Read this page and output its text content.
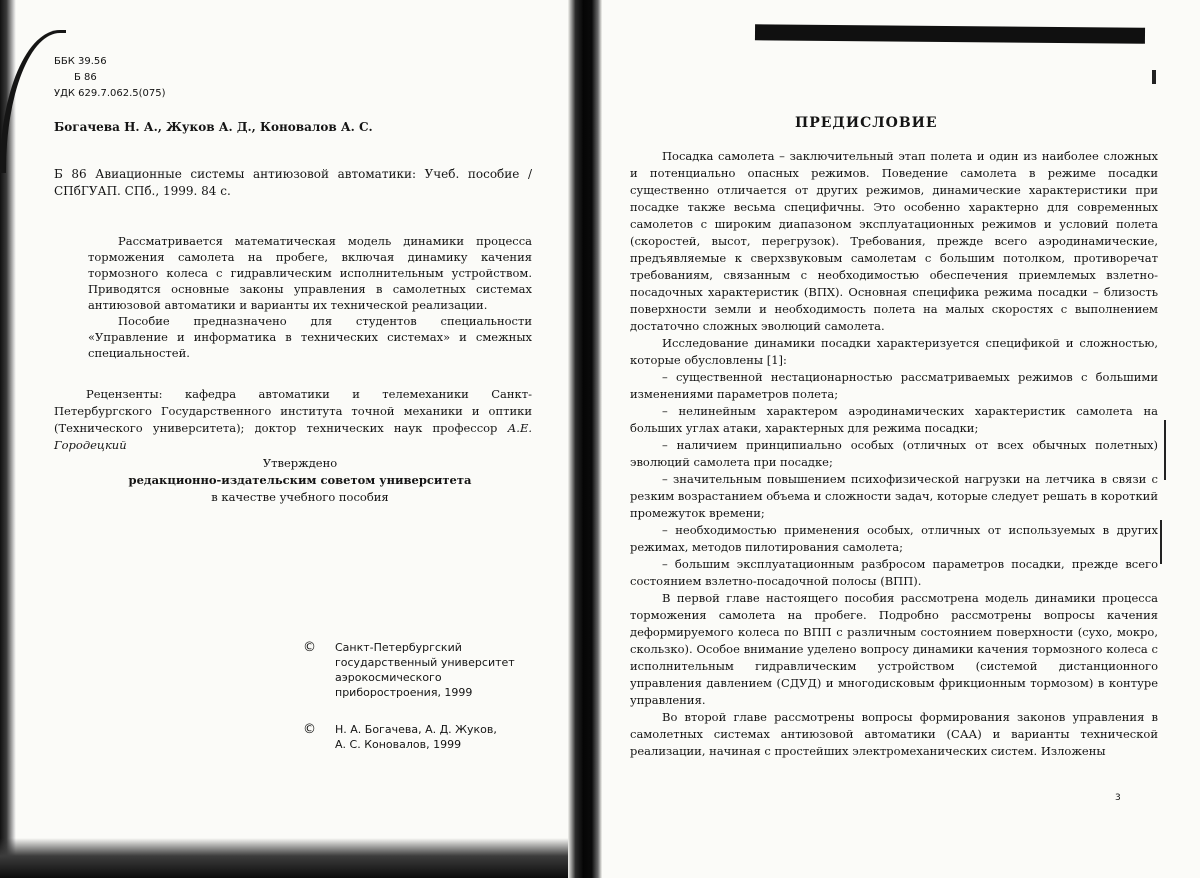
ББК 39.56
Б 86
УДК 629.7.062.5(075)
Богачева Н. А., Жуков А. Д., Коновалов А. С.
Б 86 Авиационные системы антиюзовой автоматики: Учеб. пособие / СПбГУАП. СПб., 1999. 84 с.

Рассматривается математическая модель динамики процесса торможения самолета на пробеге, включая динамику качения тормозного колеса с гидравлическим исполнительным устройством. Приводятся основные законы управления в самолетных системах антиюзовой автоматики и варианты их технической реализации.

Пособие предназначено для студентов специальности «Управление и информатика в технических системах» и смежных специальностей.

Рецензенты: кафедра автоматики и телемеханики Санкт-Петербургского Государственного института точной механики и оптики (Технического университета); доктор технических наук профессор А.Е. Городецкий
Утверждено
редакционно-издательским советом университета
в качестве учебного пособия
©	Санкт-Петербургский
государственный университет
аэрокосмического
приборостроения, 1999
©	Н. А. Богачева, А. Д. Жуков,
А. С. Коновалов, 1999
ПРЕДИСЛОВИЕ

Посадка самолета – заключительный этап полета и один из наиболее сложных и потенциально опасных режимов. Поведение самолета в режиме посадки существенно отличается от других режимов, динамические характеристики при посадке также весьма специфичны. Это особенно характерно для современных самолетов с широким диапазоном эксплуатационных режимов и условий полета (скоростей, высот, перегрузок). Требования, прежде всего аэродинамические, предъявляемые к сверхзвуковым самолетам с большим потолком, противоречат требованиям, связанным с необходимостью обеспечения приемлемых взлетно-посадочных характеристик (ВПХ). Основная специфика режима посадки – близость поверхности земли и необходимость полета на малых скоростях с выполнением достаточно сложных эволюций самолета.

Исследование динамики посадки характеризуется спецификой и сложностью, которые обусловлены [1]:

– существенной нестационарностью рассматриваемых режимов с большими изменениями параметров полета;

– нелинейным характером аэродинамических характеристик самолета на больших углах атаки, характерных для режима посадки;

– наличием принципиально особых (отличных от всех обычных полетных) эволюций самолета при посадке;

– значительным повышением психофизической нагрузки на летчика в связи с резким возрастанием объема и сложности задач, которые следует решать в короткий промежуток времени;

– необходимостью применения особых, отличных от используемых в других режимах, методов пилотирования самолета;

– большим эксплуатационным разбросом параметров посадки, прежде всего состоянием взлетно-посадочной полосы (ВПП).

В первой главе настоящего пособия рассмотрена модель динамики процесса торможения самолета на пробеге. Подробно рассмотрены вопросы качения деформируемого колеса по ВПП с различным состоянием поверхности (сухо, мокро, скользко). Особое внимание уделено вопросу динамики качения тормозного колеса с исполнительным гидравлическим устройством (системой дистанционного управления давлением (СДУД) и многодисковым фрикционным тормозом) в контуре управления.

Во второй главе рассмотрены вопросы формирования законов управления в самолетных системах антиюзовой автоматики (САА) и варианты технической реализации, начиная с простейших электромеханических систем. Изложены

3
